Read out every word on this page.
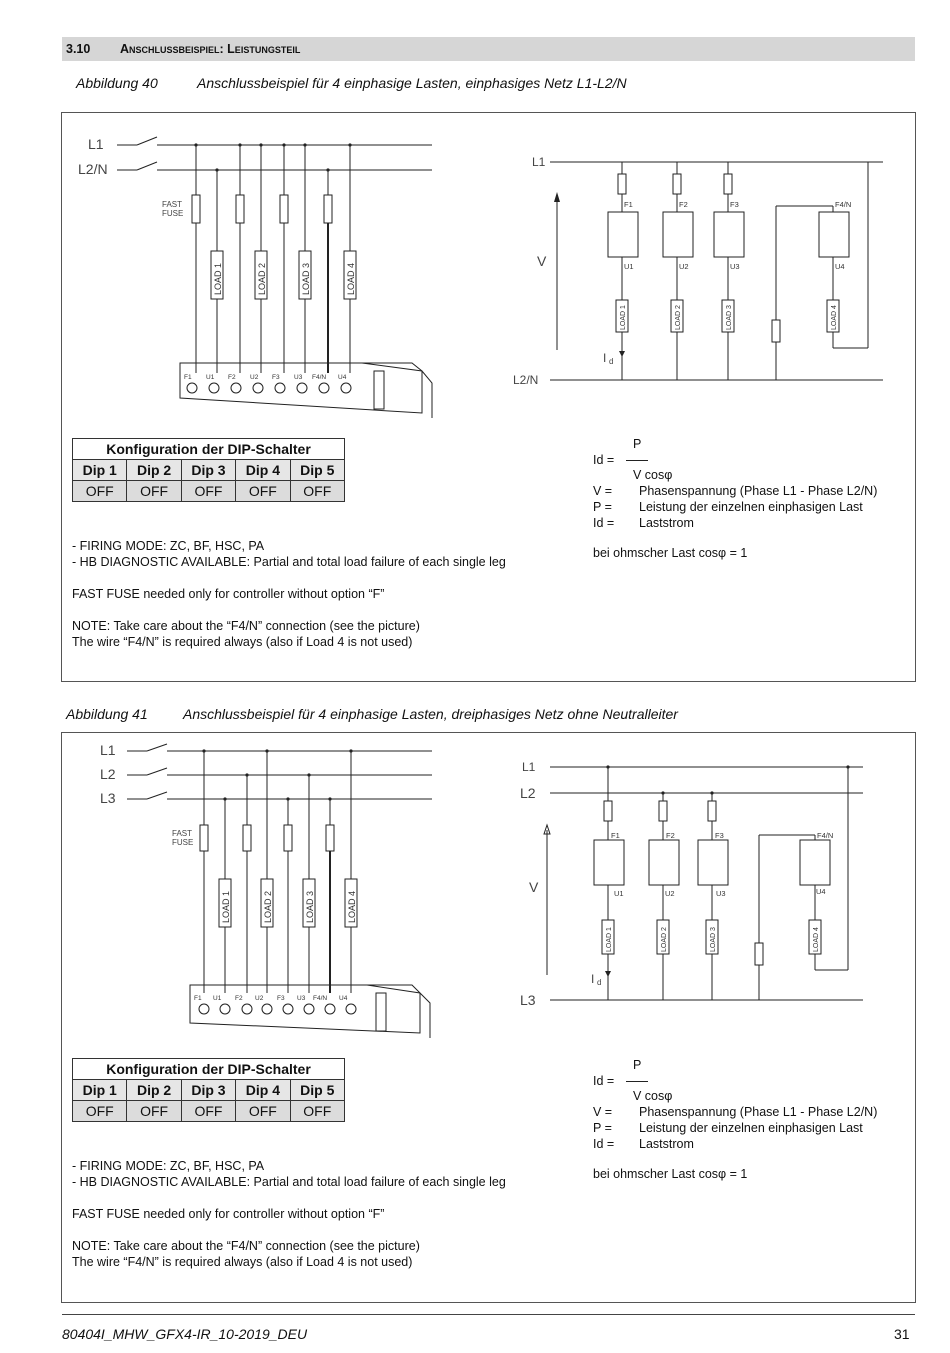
3.10 Anschlussbeispiel: Leistungsteil
Abbildung 40	Anschlussbeispiel für 4 einphasige Lasten, einphasiges Netz L1-L2/N
L1
L2/N
FAST
FUSE
LOAD 1	LOAD 2	LOAD 3	LOAD 4
F1 U1 F2 U2 F3 U3 F4/N U4
L1
L2/N
V
I d
F1	F2	F3	F4/N
U1	U2	U3	U4
LOAD 1	LOAD 2	LOAD 3	LOAD 4
Konfiguration der DIP-Schalter				
Dip 1	Dip 2	Dip 3	Dip 4	Dip 5
OFF	OFF	OFF	OFF	OFF
- FIRING MODE: ZC, BF, HSC, PA
- HB DIAGNOSTIC AVAILABLE: Partial and total load failure of each single leg
FAST FUSE needed only for controller without option “F”
NOTE: Take care about the “F4/N” connection (see the picture)
The wire “F4/N” is required always (also if Load 4 is not used)
P
Id =
V cosφ
V = Phasenspannung (Phase L1 - Phase L2/N)
P = Leistung der einzelnen einphasigen Last
Id = Laststrom
bei ohmscher Last cosφ = 1
Abbildung 41	Anschlussbeispiel für 4 einphasige Lasten, dreiphasiges Netz ohne Neutralleiter
L1
L2
L3
FAST
FUSE
LOAD 1	LOAD 2	LOAD 3	LOAD 4
F1 U1 F2 U2 F3 U3 F4/N U4
L1
L2
L3
V
I d
F1	F2	F3	F4/N
U1	U2	U3	U4
LOAD 1	LOAD 2	LOAD 3	LOAD 4
Konfiguration der DIP-Schalter				
Dip 1	Dip 2	Dip 3	Dip 4	Dip 5
OFF	OFF	OFF	OFF	OFF
- FIRING MODE: ZC, BF, HSC, PA
- HB DIAGNOSTIC AVAILABLE: Partial and total load failure of each single leg
FAST FUSE needed only for controller without option “F”
NOTE: Take care about the “F4/N” connection (see the picture)
The wire “F4/N” is required always (also if Load 4 is not used)
P
Id =
V cosφ
V = Phasenspannung (Phase L1 - Phase L2/N)
P = Leistung der einzelnen einphasigen Last
Id = Laststrom
bei ohmscher Last cosφ = 1
80404I_MHW_GFX4-IR_10-2019_DEU	31
